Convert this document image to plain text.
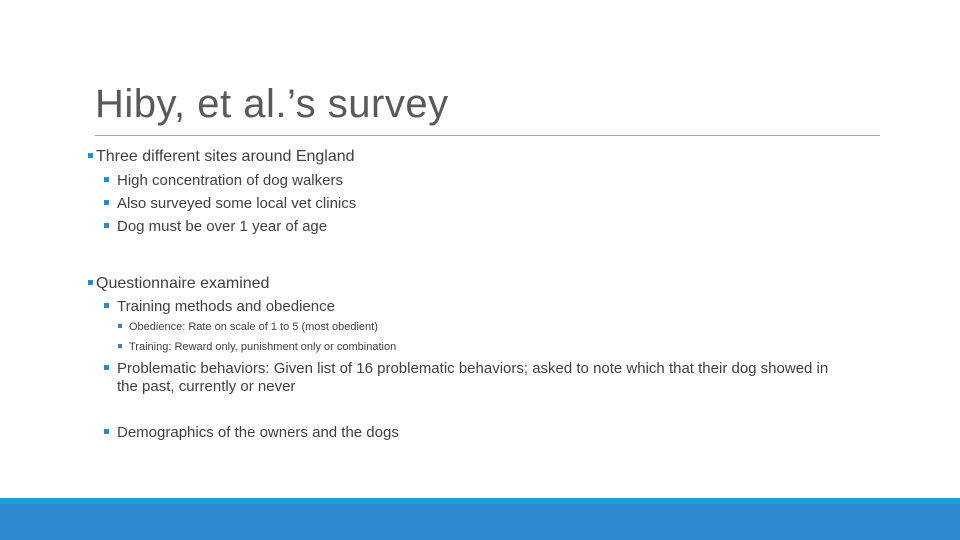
Hiby, et al.’s survey
Three different sites around England
High concentration of dog walkers
Also surveyed some local vet clinics
Dog must be over 1 year of age
Questionnaire examined
Training methods and obedience
Obedience: Rate on scale of 1 to 5 (most obedient)
Training: Reward only, punishment only or combination
Problematic behaviors: Given list of 16 problematic behaviors; asked to note which that their dog showed in the past, currently or never
Demographics of the owners and the dogs
